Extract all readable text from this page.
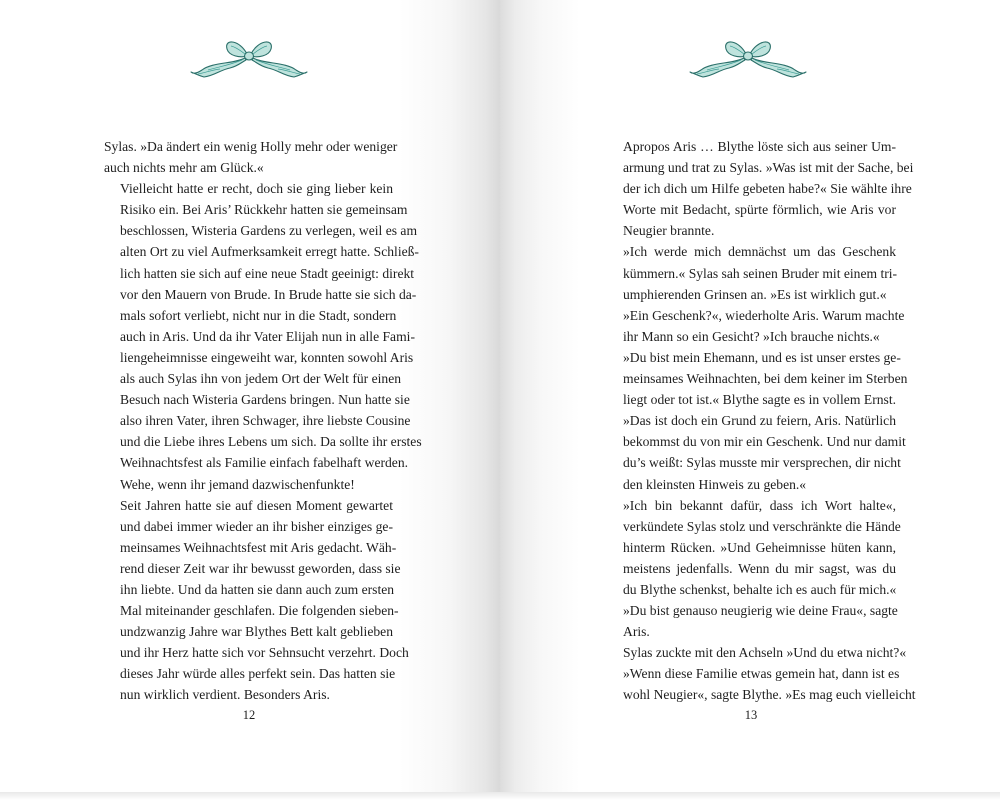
Sylas. »Da ändert ein wenig Holly mehr oder weniger
auch nichts mehr am Glück.«

Vielleicht hatte er recht, doch sie ging lieber kein
Risiko ein. Bei Aris’ Rückkehr hatten sie gemeinsam
beschlossen, Wisteria Gardens zu verlegen, weil es am
alten Ort zu viel Aufmerksamkeit erregt hatte. Schließ-
lich hatten sie sich auf eine neue Stadt geeinigt: direkt
vor den Mauern von Brude. In Brude hatte sie sich da-
mals sofort verliebt, nicht nur in die Stadt, sondern
auch in Aris. Und da ihr Vater Elijah nun in alle Fami-
liengeheimnisse eingeweiht war, konnten sowohl Aris
als auch Sylas ihn von jedem Ort der Welt für einen
Besuch nach Wisteria Gardens bringen. Nun hatte sie
also ihren Vater, ihren Schwager, ihre liebste Cousine
und die Liebe ihres Lebens um sich. Da sollte ihr erstes
Weihnachtsfest als Familie einfach fabelhaft werden.
Wehe, wenn ihr jemand dazwischenfunkte!

Seit Jahren hatte sie auf diesen Moment gewartet
und dabei immer wieder an ihr bisher einziges ge-
meinsames Weihnachtsfest mit Aris gedacht. Wäh-
rend dieser Zeit war ihr bewusst geworden, dass sie
ihn liebte. Und da hatten sie dann auch zum ersten
Mal miteinander geschlafen. Die folgenden sieben-
undzwanzig Jahre war Blythes Bett kalt geblieben
und ihr Herz hatte sich vor Sehnsucht verzehrt. Doch
dieses Jahr würde alles perfekt sein. Das hatten sie
nun wirklich verdient. Besonders Aris.

12

Apropos Aris … Blythe löste sich aus seiner Um-
armung und trat zu Sylas. »Was ist mit der Sache, bei
der ich dich um Hilfe gebeten habe?« Sie wählte ihre
Worte mit Bedacht, spürte förmlich, wie Aris vor
Neugier brannte.

»Ich werde mich demnächst um das Geschenk
kümmern.« Sylas sah seinen Bruder mit einem tri-
umphierenden Grinsen an. »Es ist wirklich gut.«

»Ein Geschenk?«, wiederholte Aris. Warum machte
ihr Mann so ein Gesicht? »Ich brauche nichts.«

»Du bist mein Ehemann, und es ist unser erstes ge-
meinsames Weihnachten, bei dem keiner im Sterben
liegt oder tot ist.« Blythe sagte es in vollem Ernst.
»Das ist doch ein Grund zu feiern, Aris. Natürlich
bekommst du von mir ein Geschenk. Und nur damit
du’s weißt: Sylas musste mir versprechen, dir nicht
den kleinsten Hinweis zu geben.«

»Ich bin bekannt dafür, dass ich Wort halte«,
verkündete Sylas stolz und verschränkte die Hände
hinterm Rücken. »Und Geheimnisse hüten kann,
meistens jedenfalls. Wenn du mir sagst, was du
du Blythe schenkst, behalte ich es auch für mich.«

»Du bist genauso neugierig wie deine Frau«, sagte
Aris.

Sylas zuckte mit den Achseln »Und du etwa nicht?«

»Wenn diese Familie etwas gemein hat, dann ist es
wohl Neugier«, sagte Blythe. »Es mag euch vielleicht

13
